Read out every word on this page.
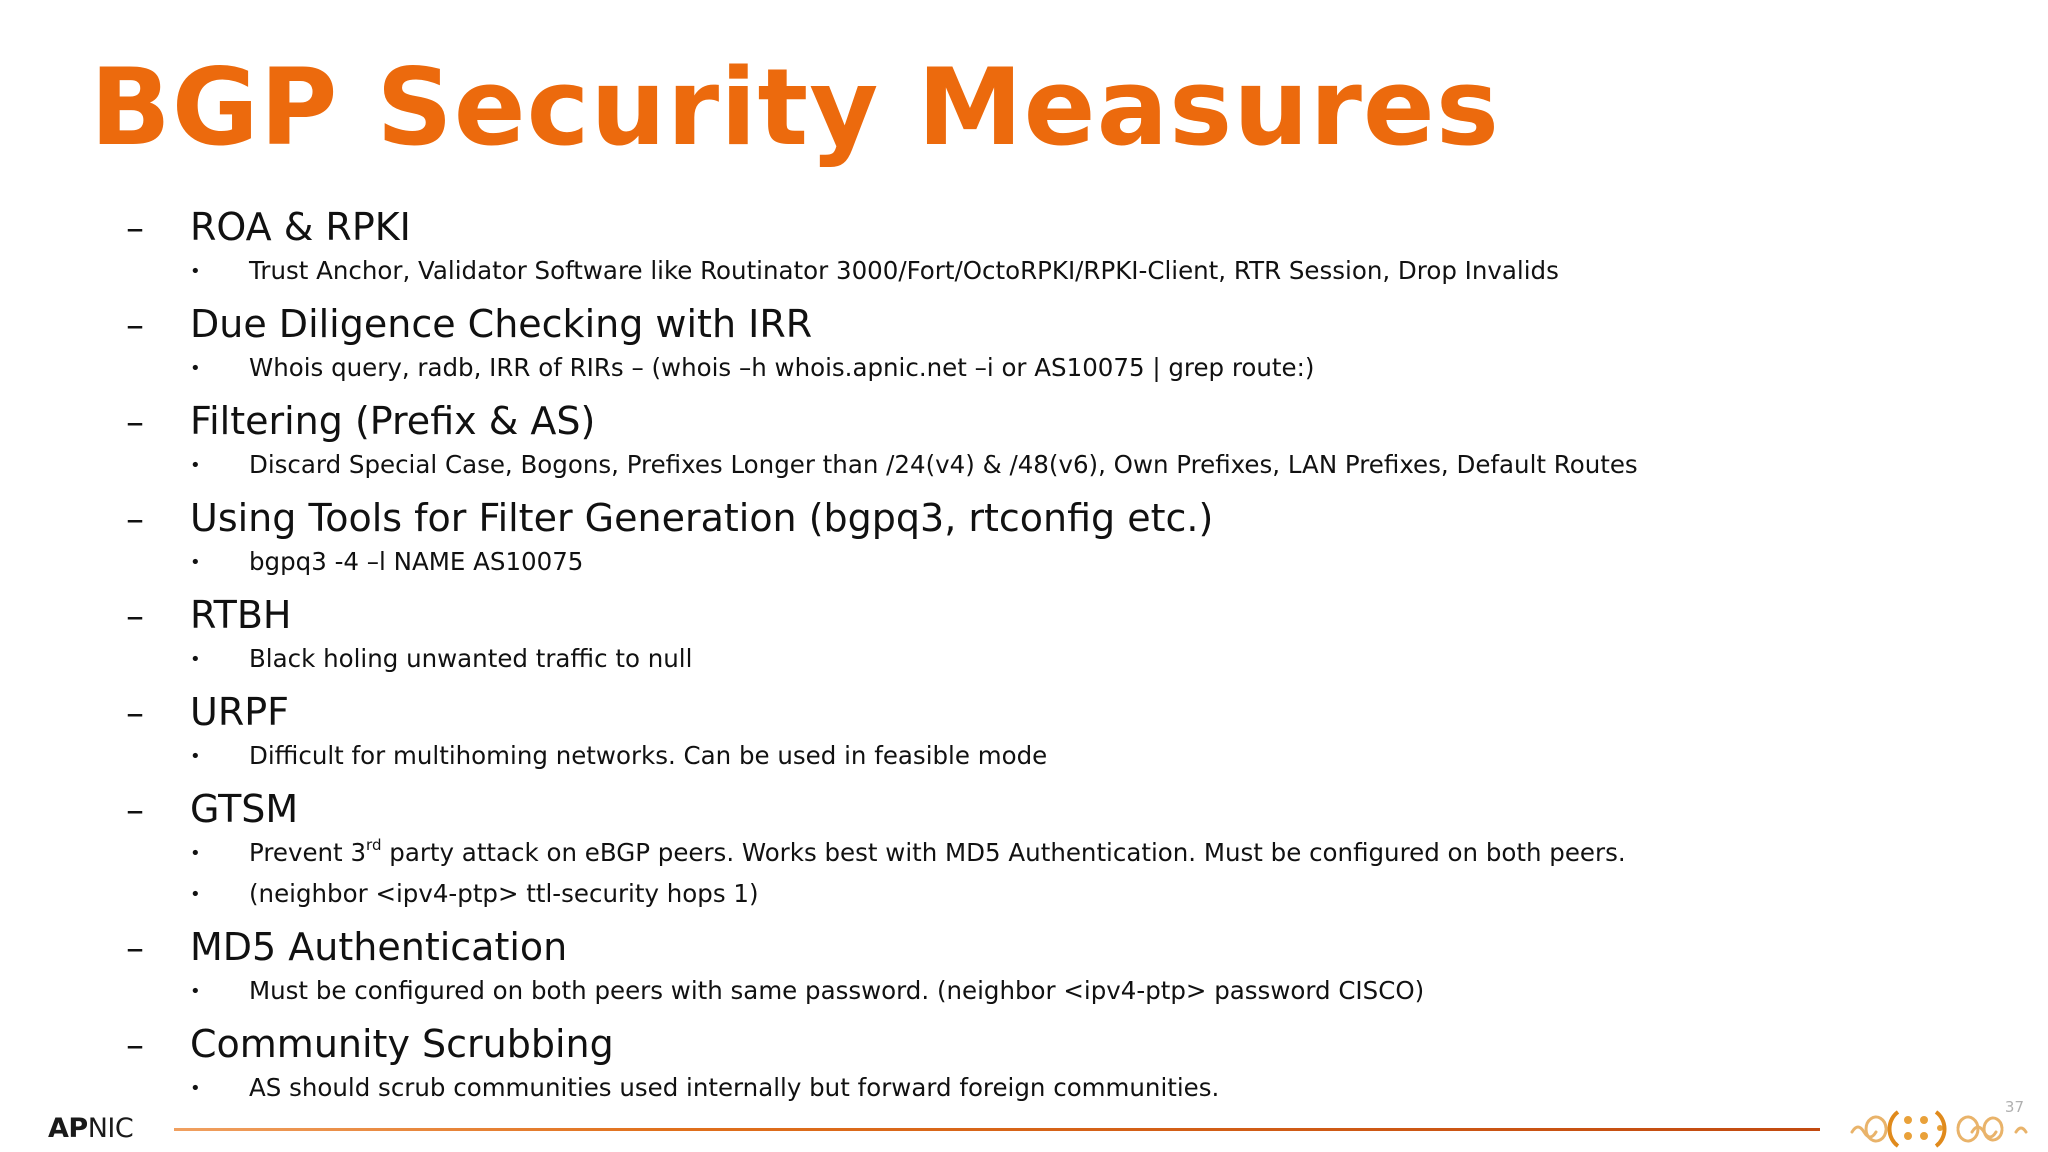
BGP Security Measures
–	ROA & RPKI
•	Trust Anchor, Validator Software like Routinator 3000/Fort/OctoRPKI/RPKI-Client, RTR Session, Drop Invalids
–	Due Diligence Checking with IRR
•	Whois query, radb, IRR of RIRs – (whois –h whois.apnic.net –i or AS10075 | grep route:)
–	Filtering (Prefix & AS)
•	Discard Special Case, Bogons, Prefixes Longer than /24(v4) & /48(v6), Own Prefixes, LAN Prefixes, Default Routes
–	Using Tools for Filter Generation (bgpq3, rtconfig etc.)
•	bgpq3 -4 –l NAME AS10075
–	RTBH
•	Black holing unwanted traffic to null
–	URPF
•	Difficult for multihoming networks. Can be used in feasible mode
–	GTSM
•	Prevent 3rd party attack on eBGP peers. Works best with MD5 Authentication. Must be configured on both peers.
•	(neighbor <ipv4-ptp> ttl-security hops 1)
–	MD5 Authentication
•	Must be configured on both peers with same password. (neighbor <ipv4-ptp> password CISCO)
–	Community Scrubbing
•	AS should scrub communities used internally but forward foreign communities.
APNIC
37
